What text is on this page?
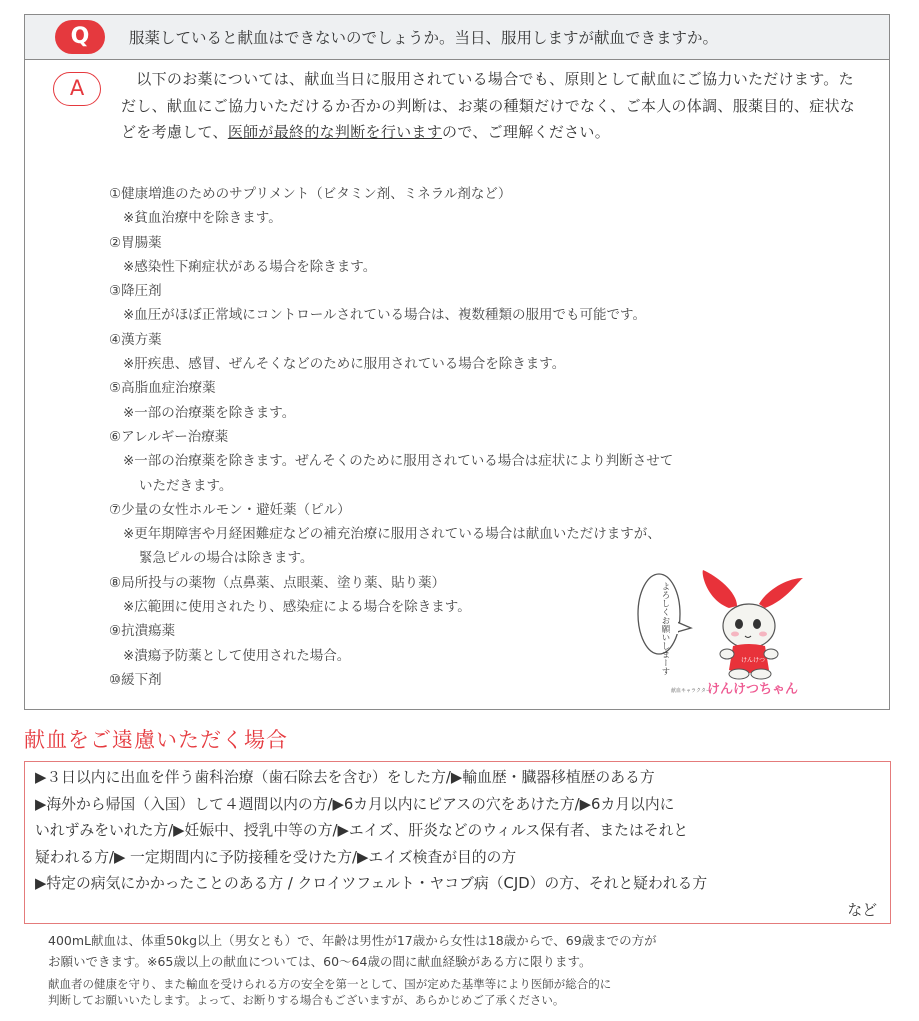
Q	服薬していると献血はできないのでしょうか。当日、服用しますが献血できますか。
A	　以下のお薬については、献血当日に服用されている場合でも、原則として献血にご協力いただけます。ただし、献血にご協力いただけるか否かの判断は、お薬の種類だけでなく、ご本人の体調、服薬目的、症状などを考慮して、医師が最終的な判断を行いますので、ご理解ください。
①健康増進のためのサプリメント（ビタミン剤、ミネラル剤など）
※貧血治療中を除きます。
②胃腸薬
※感染性下痢症状がある場合を除きます。
③降圧剤
※血圧がほぼ正常域にコントロールされている場合は、複数種類の服用でも可能です。
④漢方薬
※肝疾患、感冒、ぜんそくなどのために服用されている場合を除きます。
⑤高脂血症治療薬
※一部の治療薬を除きます。
⑥アレルギー治療薬
※一部の治療薬を除きます。ぜんそくのために服用されている場合は症状により判断させて
いただきます。
⑦少量の女性ホルモン・避妊薬（ピル）
※更年期障害や月経困難症などの補充治療に服用されている場合は献血いただけますが、
緊急ピルの場合は除きます。
⑧局所投与の薬物（点鼻薬、点眼薬、塗り薬、貼り薬）
※広範囲に使用されたり、感染症による場合を除きます。
⑨抗潰瘍薬
※潰瘍予防薬として使用された場合。
⑩緩下剤
よろしくお願いしまーす	けんけつ
献血キャラクター
けんけつちゃん
献血をご遠慮いただく場合
▶３日以内に出血を伴う歯科治療（歯石除去を含む）をした方/▶輸血歴・臓器移植歴のある方
▶海外から帰国（入国）して４週間以内の方/▶6カ月以内にピアスの穴をあけた方/▶6カ月以内に
いれずみをいれた方/▶妊娠中、授乳中等の方/▶エイズ、肝炎などのウィルス保有者、またはそれと
疑われる方/▶ 一定期間内に予防接種を受けた方/▶エイズ検査が目的の方
▶特定の病気にかかったことのある方 / クロイツフェルト・ヤコブ病（CJD）の方、それと疑われる方
など
400mL献血は、体重50kg以上（男女とも）で、年齢は男性が17歳から女性は18歳からで、69歳までの方が
お願いできます。※65歳以上の献血については、60〜64歳の間に献血経験がある方に限ります。
献血者の健康を守り、また輸血を受けられる方の安全を第一として、国が定めた基準等により医師が総合的に
判断してお願いいたします。よって、お断りする場合もございますが、あらかじめご了承ください。
